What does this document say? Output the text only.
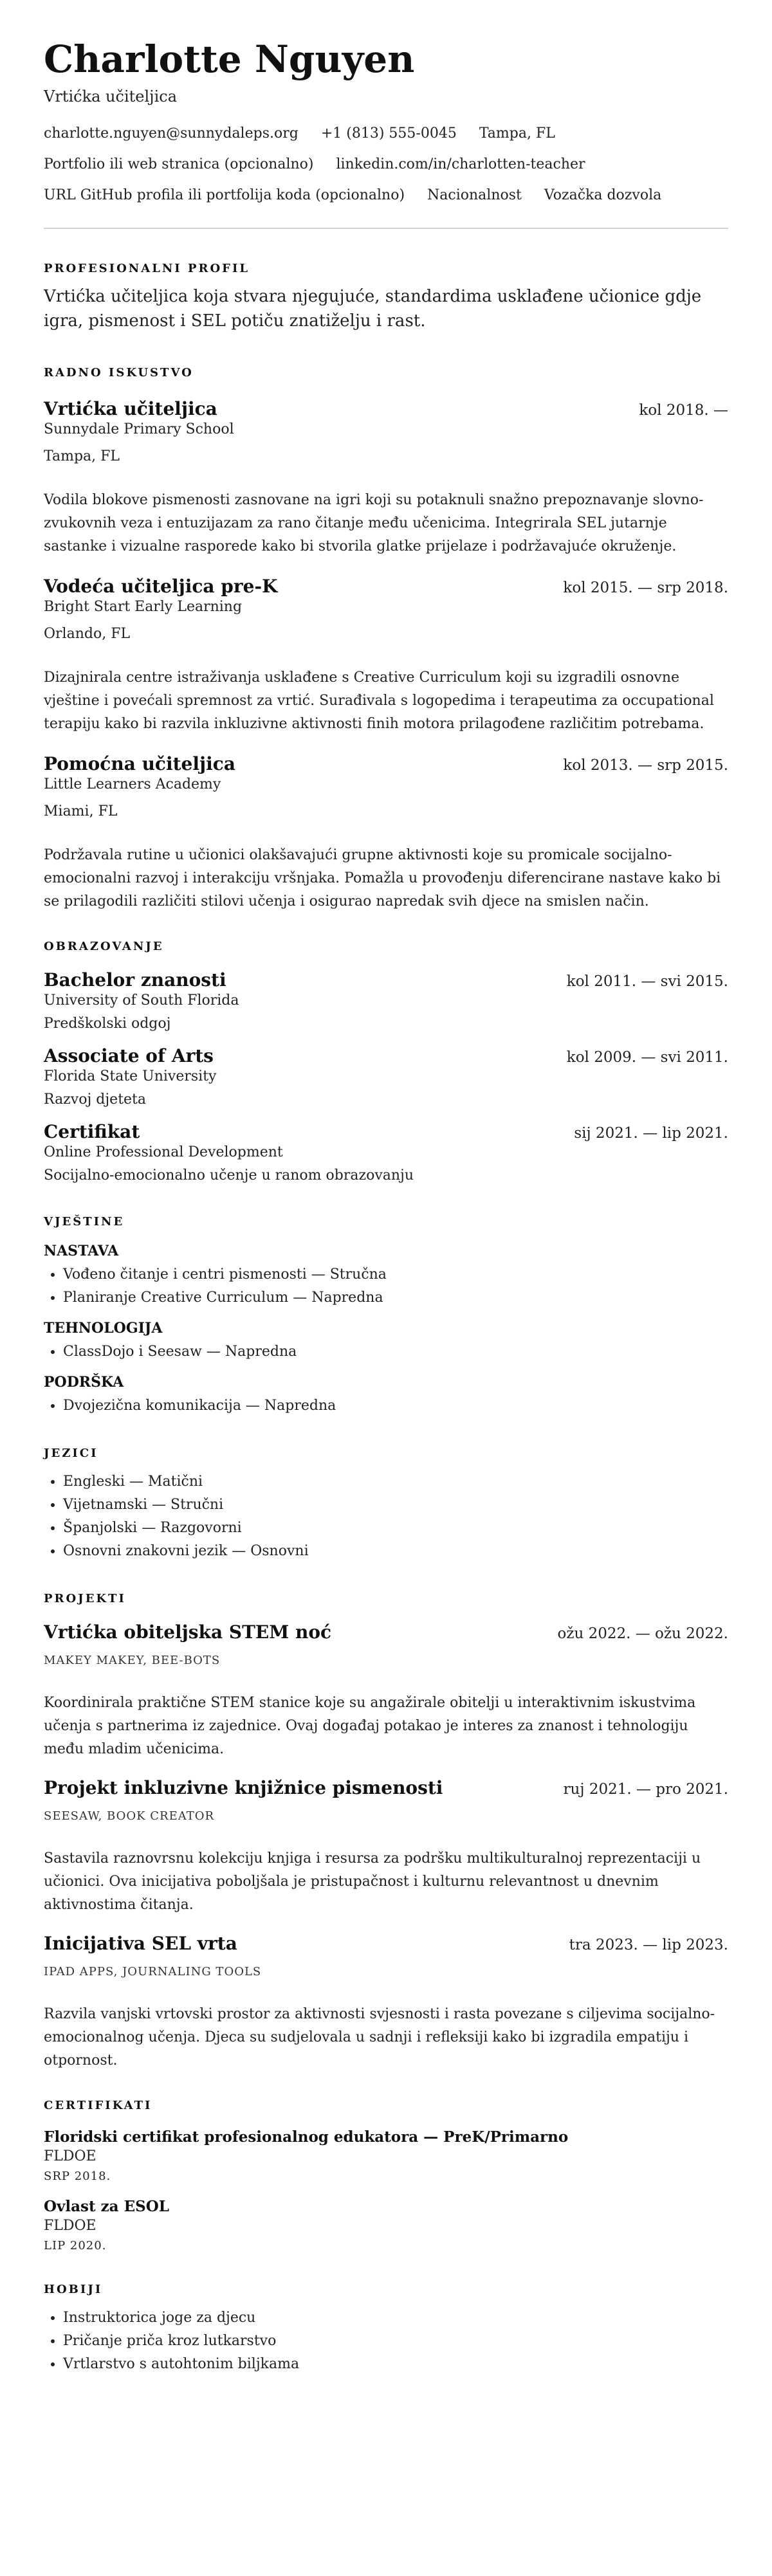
Charlotte Nguyen
Vrtićka učiteljica
charlotte.nguyen@sunnydaleps.org +1 (813) 555-0045 Tampa, FL
Portfolio ili web stranica (opcionalno) linkedin.com/in/charlotten-teacher
URL GitHub profila ili portfolija koda (opcionalno) Nacionalnost Vozačka dozvola
PROFESIONALNI PROFIL
Vrtićka učiteljica koja stvara njegujuće, standardima usklađene učionice gdje igra, pismenost i SEL potiču znatiželju i rast.
RADNO ISKUSTVO
Vrtićka učiteljica	kol 2018. —
Sunnydale Primary School
Tampa, FL
Vodila blokove pismenosti zasnovane na igri koji su potaknuli snažno prepoznavanje slovno-zvukovnih veza i entuzijazam za rano čitanje među učenicima. Integrirala SEL jutarnje sastanke i vizualne rasporede kako bi stvorila glatke prijelaze i podržavajuće okruženje.
Vodeća učiteljica pre-K	kol 2015. — srp 2018.
Bright Start Early Learning
Orlando, FL
Dizajnirala centre istraživanja usklađene s Creative Curriculum koji su izgradili osnovne vještine i povećali spremnost za vrtić. Surađivala s logopedima i terapeutima za occupational terapiju kako bi razvila inkluzivne aktivnosti finih motora prilagođene različitim potrebama.
Pomoćna učiteljica	kol 2013. — srp 2015.
Little Learners Academy
Miami, FL
Podržavala rutine u učionici olakšavajući grupne aktivnosti koje su promicale socijalno-emocionalni razvoj i interakciju vršnjaka. Pomažla u provođenju diferencirane nastave kako bi se prilagodili različiti stilovi učenja i osigurao napredak svih djece na smislen način.
OBRAZOVANJE
Bachelor znanosti	kol 2011. — svi 2015.
University of South Florida
Predškolski odgoj
Associate of Arts	kol 2009. — svi 2011.
Florida State University
Razvoj djeteta
Certifikat	sij 2021. — lip 2021.
Online Professional Development
Socijalno-emocionalno učenje u ranom obrazovanju
VJEŠTINE
NASTAVA
• Vođeno čitanje i centri pismenosti — Stručna
• Planiranje Creative Curriculum — Napredna
TEHNOLOGIJA
• ClassDojo i Seesaw — Napredna
PODRŠKA
• Dvojezična komunikacija — Napredna
JEZICI
• Engleski — Matični
• Vijetnamski — Stručni
• Španjolski — Razgovorni
• Osnovni znakovni jezik — Osnovni
PROJEKTI
Vrtićka obiteljska STEM noć	ožu 2022. — ožu 2022.
MAKEY MAKEY, BEE-BOTS
Koordinirala praktične STEM stanice koje su angažirale obitelji u interaktivnim iskustvima učenja s partnerima iz zajednice. Ovaj događaj potakao je interes za znanost i tehnologiju među mladim učenicima.
Projekt inkluzivne knjižnice pismenosti	ruj 2021. — pro 2021.
SEESAW, BOOK CREATOR
Sastavila raznovrsnu kolekciju knjiga i resursa za podršku multikulturalnoj reprezentaciji u učionici. Ova inicijativa poboljšala je pristupačnost i kulturnu relevantnost u dnevnim aktivnostima čitanja.
Inicijativa SEL vrta	tra 2023. — lip 2023.
IPAD APPS, JOURNALING TOOLS
Razvila vanjski vrtovski prostor za aktivnosti svjesnosti i rasta povezane s ciljevima socijalno-emocionalnog učenja. Djeca su sudjelovala u sadnji i refleksiji kako bi izgradila empatiju i otpornost.
CERTIFIKATI
Floridski certifikat profesionalnog edukatora — PreK/Primarno
FLDOE
SRP 2018.
Ovlast za ESOL
FLDOE
LIP 2020.
HOBIJI
• Instruktorica joge za djecu
• Pričanje priča kroz lutkarstvo
• Vrtlarstvo s autohtonim biljkama
